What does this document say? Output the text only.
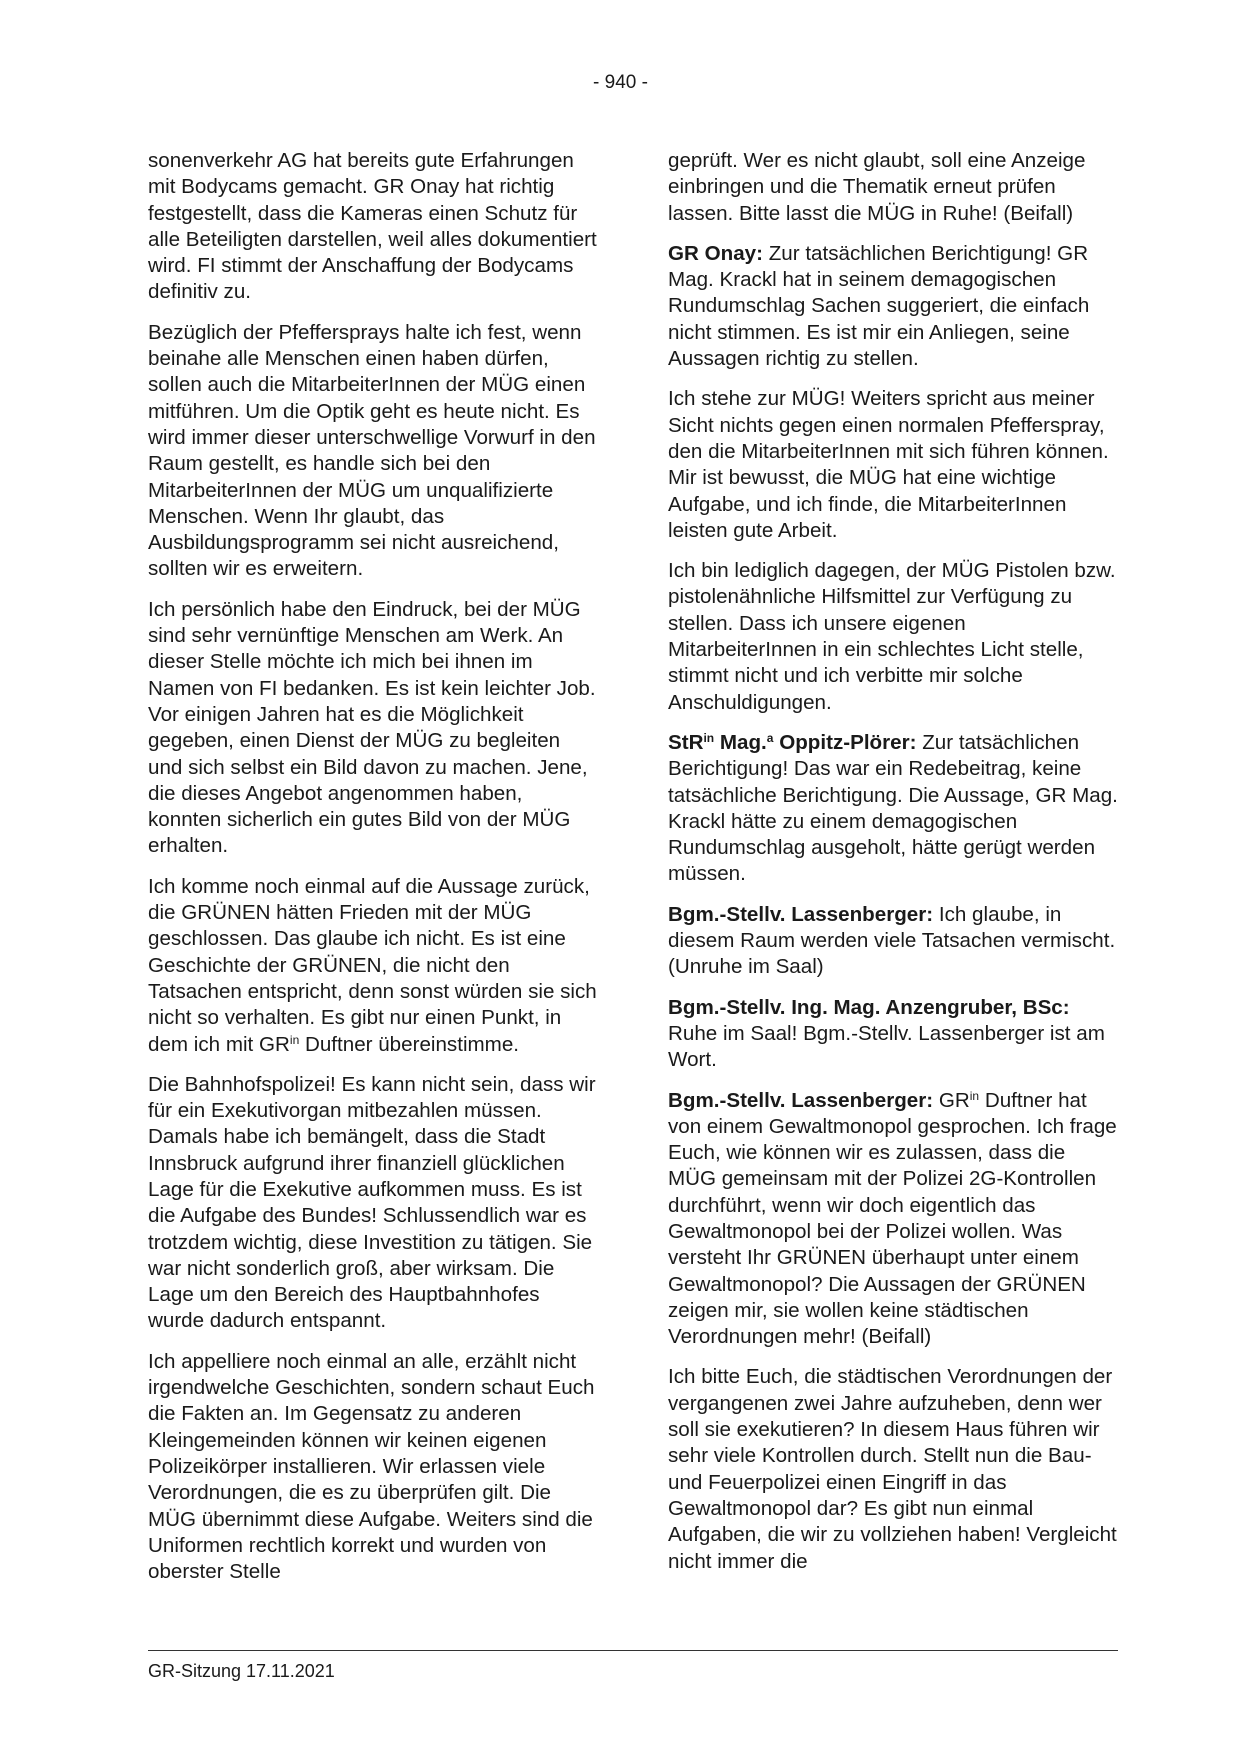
- 940 -

sonenverkehr AG hat bereits gute Erfahrungen mit Bodycams gemacht. GR Onay hat richtig festgestellt, dass die Kameras einen Schutz für alle Beteiligten darstellen, weil alles dokumentiert wird. FI stimmt der Anschaffung der Bodycams definitiv zu.

Bezüglich der Pfeffersprays halte ich fest, wenn beinahe alle Menschen einen haben dürfen, sollen auch die MitarbeiterInnen der MÜG einen mitführen. Um die Optik geht es heute nicht. Es wird immer dieser unterschwellige Vorwurf in den Raum gestellt, es handle sich bei den MitarbeiterInnen der MÜG um unqualifizierte Menschen. Wenn Ihr glaubt, das Ausbildungsprogramm sei nicht ausreichend, sollten wir es erweitern.

Ich persönlich habe den Eindruck, bei der MÜG sind sehr vernünftige Menschen am Werk. An dieser Stelle möchte ich mich bei ihnen im Namen von FI bedanken. Es ist kein leichter Job. Vor einigen Jahren hat es die Möglichkeit gegeben, einen Dienst der MÜG zu begleiten und sich selbst ein Bild davon zu machen. Jene, die dieses Angebot angenommen haben, konnten sicherlich ein gutes Bild von der MÜG erhalten.

Ich komme noch einmal auf die Aussage zurück, die GRÜNEN hätten Frieden mit der MÜG geschlossen. Das glaube ich nicht. Es ist eine Geschichte der GRÜNEN, die nicht den Tatsachen entspricht, denn sonst würden sie sich nicht so verhalten. Es gibt nur einen Punkt, in dem ich mit $GR^{in}$ Duftner übereinstimme.

Die Bahnhofspolizei! Es kann nicht sein, dass wir für ein Exekutivorgan mitbezahlen müssen. Damals habe ich bemängelt, dass die Stadt Innsbruck aufgrund ihrer finanziell glücklichen Lage für die Exekutive aufkommen muss. Es ist die Aufgabe des Bundes! Schlussendlich war es trotzdem wichtig, diese Investition zu tätigen. Sie war nicht sonderlich groß, aber wirksam. Die Lage um den Bereich des Hauptbahnhofes wurde dadurch entspannt.

Ich appelliere noch einmal an alle, erzählt nicht irgendwelche Geschichten, sondern schaut Euch die Fakten an. Im Gegensatz zu anderen Kleingemeinden können wir keinen eigenen Polizeikörper installieren. Wir erlassen viele Verordnungen, die es zu überprüfen gilt. Die MÜG übernimmt diese Aufgabe. Weiters sind die Uniformen rechtlich korrekt und wurden von oberster Stelle

geprüft. Wer es nicht glaubt, soll eine Anzeige einbringen und die Thematik erneut prüfen lassen. Bitte lasst die MÜG in Ruhe! (Beifall)

GR Onay: Zur tatsächlichen Berichtigung! GR Mag. Krackl hat in seinem demagogischen Rundumschlag Sachen suggeriert, die einfach nicht stimmen. Es ist mir ein Anliegen, seine Aussagen richtig zu stellen.

Ich stehe zur MÜG! Weiters spricht aus meiner Sicht nichts gegen einen normalen Pfefferspray, den die MitarbeiterInnen mit sich führen können. Mir ist bewusst, die MÜG hat eine wichtige Aufgabe, und ich finde, die MitarbeiterInnen leisten gute Arbeit.

Ich bin lediglich dagegen, der MÜG Pistolen bzw. pistolenähnliche Hilfsmittel zur Verfügung zu stellen. Dass ich unsere eigenen MitarbeiterInnen in ein schlechtes Licht stelle, stimmt nicht und ich verbitte mir solche Anschuldigungen.

StR$^{in}$ Mag.$^a$ Oppitz-Plörer: Zur tatsächlichen Berichtigung! Das war ein Redebeitrag, keine tatsächliche Berichtigung. Die Aussage, GR Mag. Krackl hätte zu einem demagogischen Rundumschlag ausgeholt, hätte gerügt werden müssen.

Bgm.-Stellv. Lassenberger: Ich glaube, in diesem Raum werden viele Tatsachen vermischt. (Unruhe im Saal)

Bgm.-Stellv. Ing. Mag. Anzengruber, BSc: Ruhe im Saal! Bgm.-Stellv. Lassenberger ist am Wort.

Bgm.-Stellv. Lassenberger: $GR^{in}$ Duftner hat von einem Gewaltmonopol gesprochen. Ich frage Euch, wie können wir es zulassen, dass die MÜG gemeinsam mit der Polizei 2G-Kontrollen durchführt, wenn wir doch eigentlich das Gewaltmonopol bei der Polizei wollen. Was versteht Ihr GRÜNEN überhaupt unter einem Gewaltmonopol? Die Aussagen der GRÜNEN zeigen mir, sie wollen keine städtischen Verordnungen mehr! (Beifall)

Ich bitte Euch, die städtischen Verordnungen der vergangenen zwei Jahre aufzuheben, denn wer soll sie exekutieren? In diesem Haus führen wir sehr viele Kontrollen durch. Stellt nun die Bau- und Feuerpolizei einen Eingriff in das Gewaltmonopol dar? Es gibt nun einmal Aufgaben, die wir zu vollziehen haben! Vergleicht nicht immer die

GR-Sitzung 17.11.2021
